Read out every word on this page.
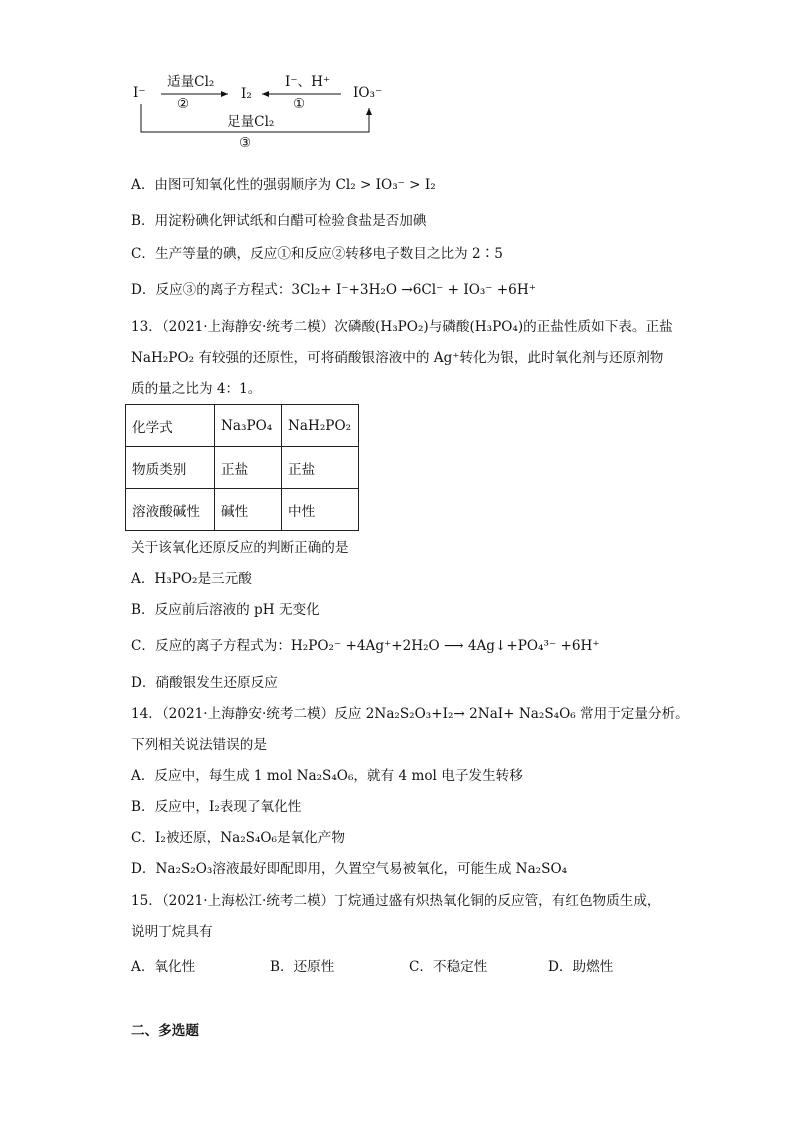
I⁻	I₂	IO₃⁻
适量Cl₂
②
I⁻、H⁺
①
足量Cl₂
③
A．由图可知氧化性的强弱顺序为 Cl₂ > IO₃⁻ > I₂
B．用淀粉碘化钾试纸和白醋可检验食盐是否加碘
C．生产等量的碘，反应①和反应②转移电子数目之比为 2∶5
D．反应③的离子方程式：3Cl₂+ I⁻+3H₂O →6Cl⁻ + IO₃⁻ +6H⁺
13．（2021·上海静安·统考二模）次磷酸(H₃PO₂)与磷酸(H₃PO₄)的正盐性质如下表。正盐
NaH₂PO₂ 有较强的还原性，可将硝酸银溶液中的 Ag⁺转化为银，此时氧化剂与还原剂物
质的量之比为 4：1。
化学式	Na₃PO₄	NaH₂PO₂
物质类别	正盐	正盐
溶液酸碱性	碱性	中性
关于该氧化还原反应的判断正确的是
A．H₃PO₂是三元酸
B．反应前后溶液的 pH 无变化
C．反应的离子方程式为：H₂PO₂⁻ +4Ag⁺+2H₂O ⟶ 4Ag↓+PO₄³⁻ +6H⁺
D．硝酸银发生还原反应
14．（2021·上海静安·统考二模）反应 2Na₂S₂O₃+I₂→ 2NaI+ Na₂S₄O₆ 常用于定量分析。
下列相关说法错误的是
A．反应中，每生成 1 mol Na₂S₄O₆，就有 4 mol 电子发生转移
B．反应中，I₂表现了氧化性
C．I₂被还原，Na₂S₄O₆是氧化产物
D．Na₂S₂O₃溶液最好即配即用，久置空气易被氧化，可能生成 Na₂SO₄
15．（2021·上海松江·统考二模）丁烷通过盛有炽热氧化铜的反应管，有红色物质生成，
说明丁烷具有
A．氧化性	B．还原性	C．不稳定性	D．助燃性
二、多选题
